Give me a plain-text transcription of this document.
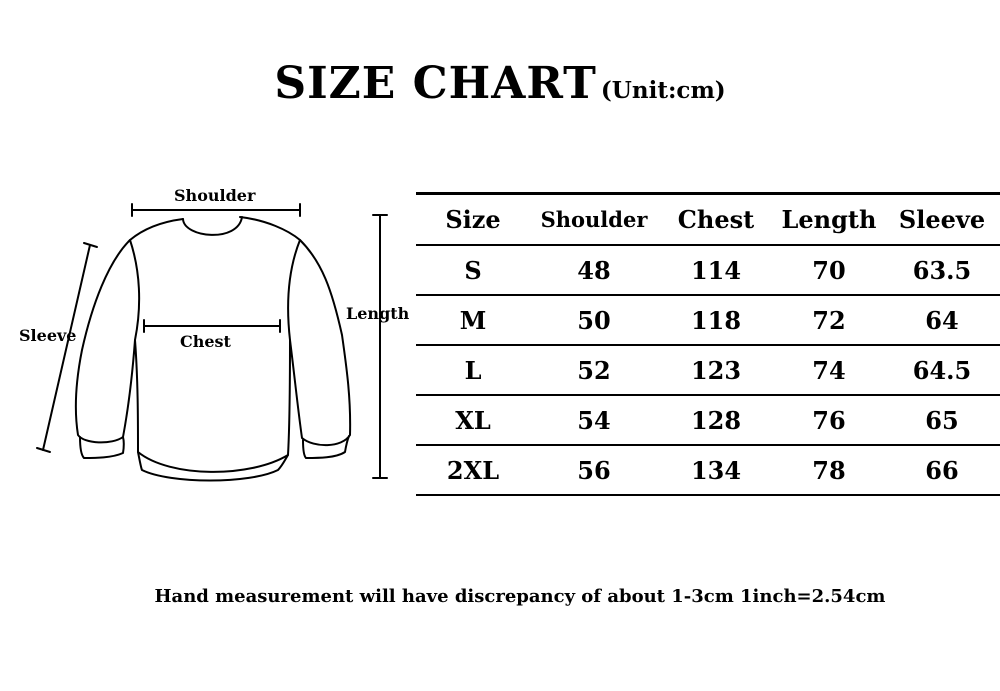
SIZE CHART (Unit:cm)
Shoulder
Sleeve	Chest
Length
Size	Shoulder	Chest	Length	Sleeve
S	48	114	70	63.5
M	50	118	72	64
L	52	123	74	64.5
XL	54	128	76	65
2XL	56	134	78	66
Hand measurement will have discrepancy of about 1-3cm 1inch=2.54cm
